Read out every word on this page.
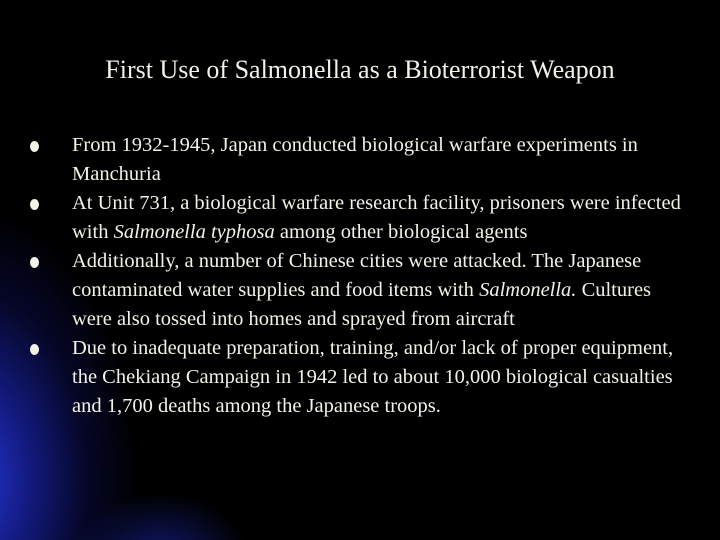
First Use of Salmonella as a Bioterrorist Weapon
From 1932-1945, Japan conducted biological warfare experiments in Manchuria
At Unit 731, a biological warfare research facility, prisoners were infected with Salmonella typhosa among other biological agents
Additionally, a number of Chinese cities were attacked. The Japanese contaminated water supplies and food items with Salmonella. Cultures were also tossed into homes and sprayed from aircraft
Due to inadequate preparation, training, and/or lack of proper equipment, the Chekiang Campaign in 1942 led to about 10,000 biological casualties and 1,700 deaths among the Japanese troops.
